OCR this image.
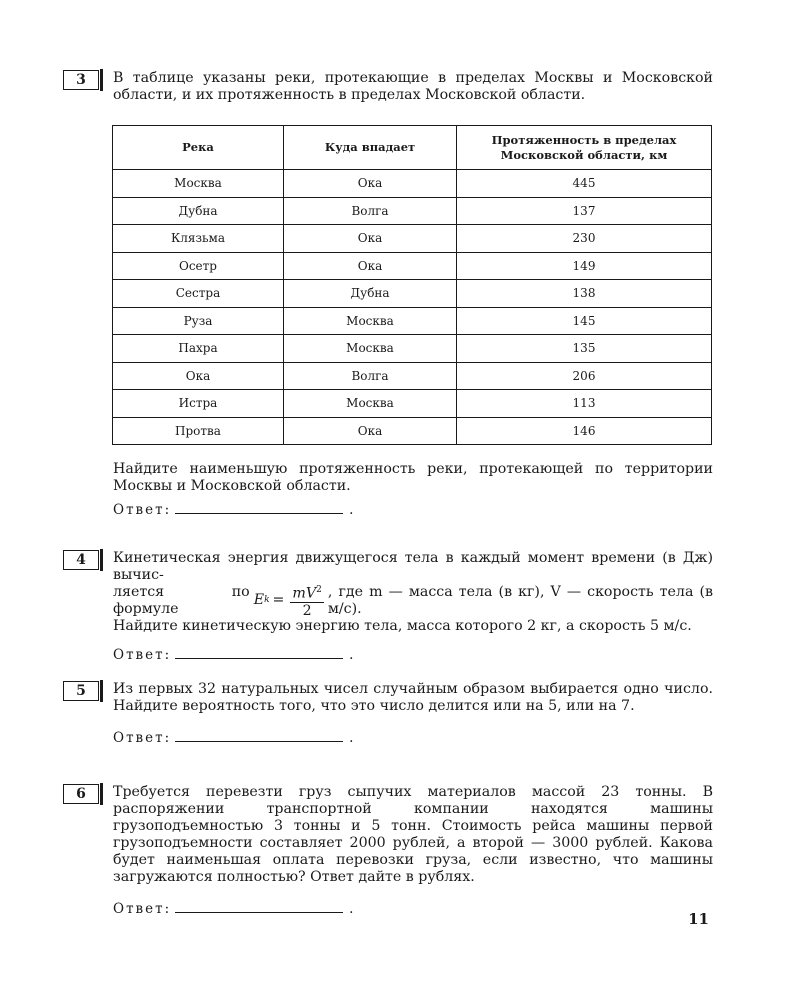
3	В таблице указаны реки, протекающие в пределах Москвы и Московской области, и их протяженность в пределах Московской области.

Река	Куда впадает	Протяженность в пределах Московской области, км
Москва	Ока	445
Дубна	Волга	137
Клязьма	Ока	230
Осетр	Ока	149
Сестра	Дубна	138
Руза	Москва	145
Пахра	Москва	135
Ока	Волга	206
Истра	Москва	113
Протва	Ока	146

Найдите наименьшую протяженность реки, протекающей по территории Москвы и Московской области.

Ответ:	.
4	Кинетическая энергия движущегося тела в каждый момент времени (в Дж) вычис-

ляется по формуле
E $k = \frac{mV^2}{2}$ , где m — масса тела (в кг), V — скорость тела (в м/с).

Найдите кинетическую энергию тела, масса которого 2 кг, а скорость 5 м/с.

Ответ:	.
5	Из первых 32 натуральных чисел случайным образом выбирается одно число. Найдите вероятность того, что это число делится или на 5, или на 7.

Ответ:	.
6	Требуется перевезти груз сыпучих материалов массой 23 тонны. В распоряжении транспортной компании находятся машины грузоподъемностью 3 тонны и 5 тонн. Стоимость рейса машины первой грузоподъемности составляет 2000 рублей, а второй — 3000 рублей. Какова будет наименьшая оплата перевозки груза, если известно, что машины загружаются полностью? Ответ дайте в рублях.

Ответ:	.
11
